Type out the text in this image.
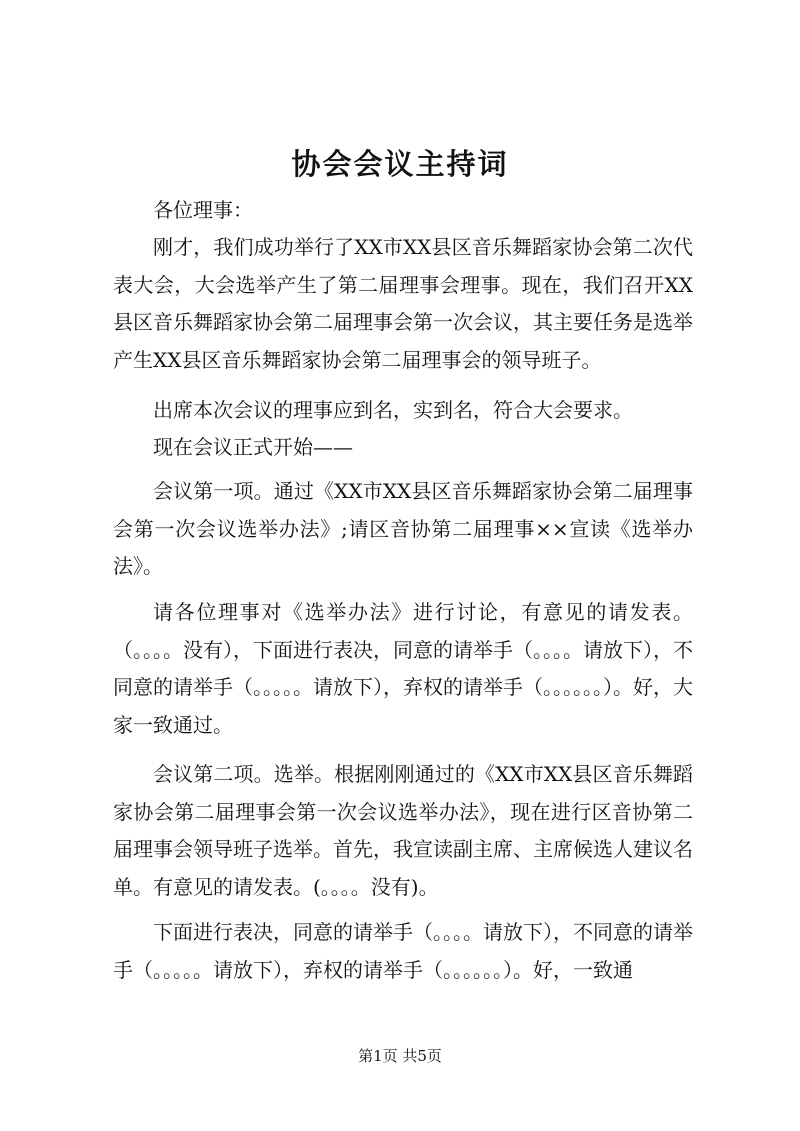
协会会议主持词

各位理事：

刚才，我们成功举行了XX市XX县区音乐舞蹈家协会第二次代表大会，大会选举产生了第二届理事会理事。现在，我们召开XX县区音乐舞蹈家协会第二届理事会第一次会议，其主要任务是选举产生XX县区音乐舞蹈家协会第二届理事会的领导班子。

出席本次会议的理事应到名，实到名，符合大会要求。

现在会议正式开始——

会议第一项。通过《XX市XX县区音乐舞蹈家协会第二届理事会第一次会议选举办法》;请区音协第二届理事××宣读《选举办法》。

请各位理事对《选举办法》进行讨论，有意见的请发表。（。。。。没有），下面进行表决，同意的请举手（。。。。请放下），不同意的请举手（。。。。。请放下），弃权的请举手（。。。。。。）。好，大家一致通过。

会议第二项。选举。根据刚刚通过的《XX市XX县区音乐舞蹈家协会第二届理事会第一次会议选举办法》，现在进行区音协第二届理事会领导班子选举。首先，我宣读副主席、主席候选人建议名单。有意见的请发表。(。。。。没有)。

下面进行表决，同意的请举手（。。。。请放下），不同意的请举手（。。。。。请放下），弃权的请举手（。。。。。。）。好，一致通

第1页 共5页
